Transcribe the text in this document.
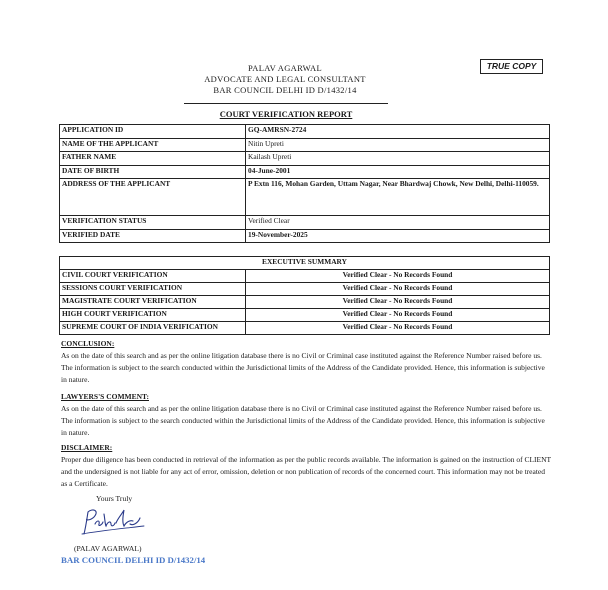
TRUE COPY
PALAV AGARWAL
ADVOCATE AND LEGAL CONSULTANT
BAR COUNCIL DELHI ID D/1432/14
COURT VERIFICATION REPORT
APPLICATION ID	GQ-AMRSN-2724
NAME OF THE APPLICANT	Nitin Upreti
FATHER NAME	Kailash Upreti
DATE OF BIRTH	04-June-2001
ADDRESS OF THE APPLICANT	P Extn 116, Mohan Garden, Uttam Nagar, Near Bhardwaj Chowk, New Delhi, Delhi-110059.
VERIFICATION STATUS	Verified Clear
VERIFIED DATE	19-November-2025
EXECUTIVE SUMMARY	
CIVIL COURT VERIFICATION	Verified Clear - No Records Found
SESSIONS COURT VERIFICATION	Verified Clear - No Records Found
MAGISTRATE COURT VERIFICATION	Verified Clear - No Records Found
HIGH COURT VERIFICATION	Verified Clear - No Records Found
SUPREME COURT OF INDIA VERIFICATION	Verified Clear - No Records Found
CONCLUSION:
As on the date of this search and as per the online litigation database there is no Civil or Criminal case instituted against the Reference Number raised before us. The information is subject to the search conducted within the Jurisdictional limits of the Address of the Candidate provided. Hence, this information is subjective in nature.
LAWYERS'S COMMENT:
As on the date of this search and as per the online litigation database there is no Civil or Criminal case instituted against the Reference Number raised before us. The information is subject to the search conducted within the Jurisdictional limits of the Address of the Candidate provided. Hence, this information is subjective in nature.
DISCLAIMER:
Proper due diligence has been conducted in retrieval of the information as per the public records available. The information is gained on the instruction of CLIENT and the undersigned is not liable for any act of error, omission, deletion or non publication of records of the concerned court. This information may not be treated as a Certificate.
Yours Truly
(PALAV AGARWAL)
BAR COUNCIL DELHI ID D/1432/14
